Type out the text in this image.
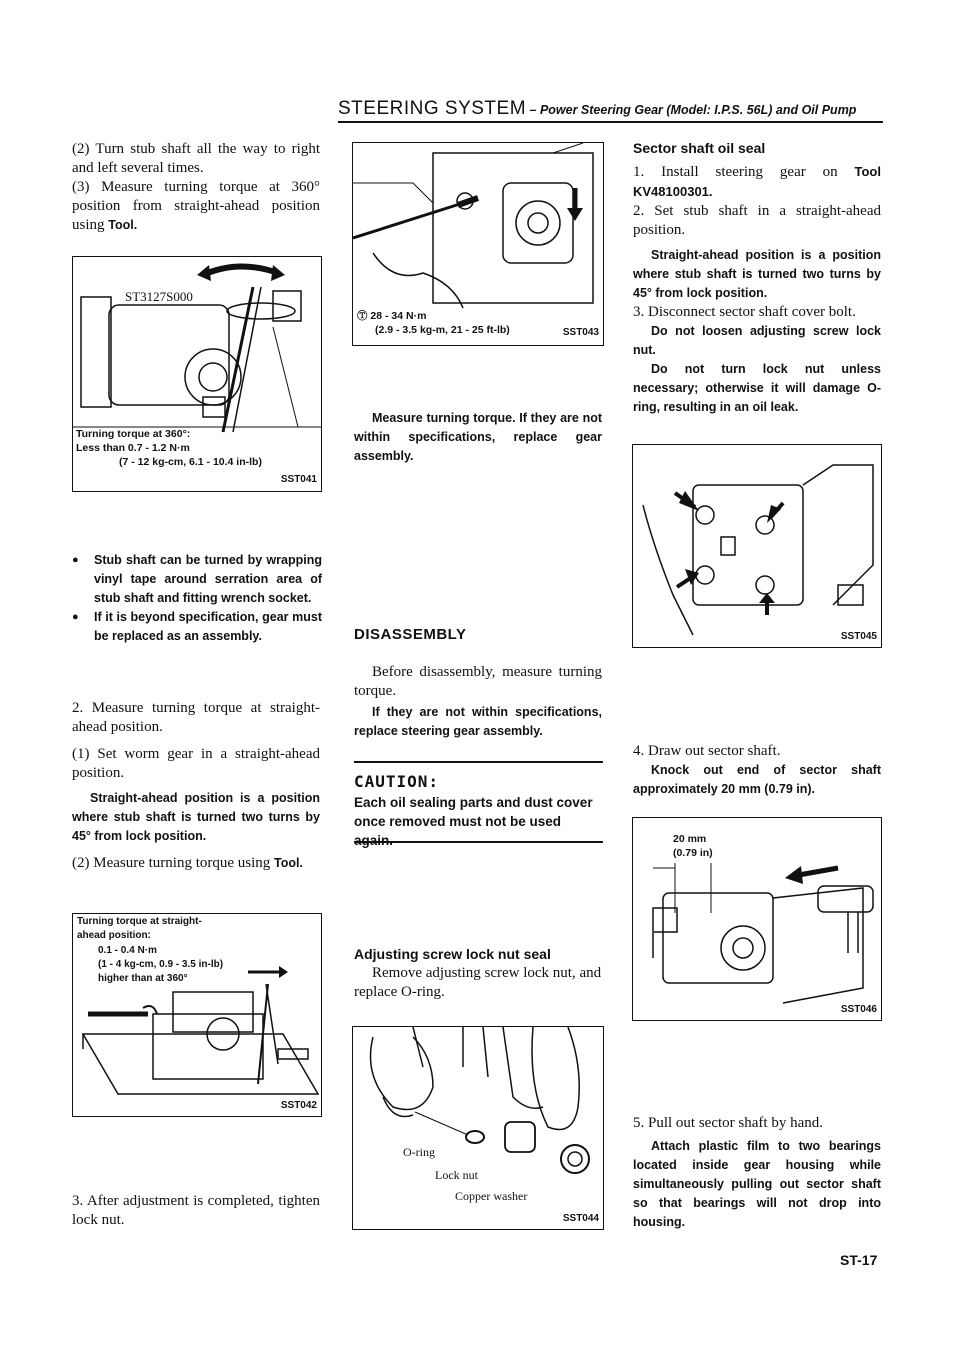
STEERING SYSTEM – Power Steering Gear (Model: I.P.S. 56L) and Oil Pump

(2) Turn stub shaft all the way to right and left several times.

(3) Measure turning torque at 360° position from straight-ahead position using Tool.

ST3127S000
Turning torque at 360°:
Less than 0.7 - 1.2 N·m
(7 - 12 kg-cm, 6.1 - 10.4 in-lb)
SST041

● Stub shaft can be turned by wrapping vinyl tape around serration area of stub shaft and fitting wrench socket.

● If it is beyond specification, gear must be replaced as an assembly.

2. Measure turning torque at straight-ahead position.

(1) Set worm gear in a straight-ahead position.

Straight-ahead position is a position where stub shaft is turned two turns by 45° from lock position.

(2) Measure turning torque using Tool.

Turning torque at straight-
ahead position:
0.1 - 0.4 N·m
(1 - 4 kg-cm, 0.9 - 3.5 in-lb)
higher than at 360°
SST042

3. After adjustment is completed, tighten lock nut.

Ⓣ 28 - 34 N·m
(2.9 - 3.5 kg-m, 21 - 25 ft-lb)	SST043

Measure turning torque. If they are not within specifications, replace gear assembly.

DISASSEMBLY

Before disassembly, measure turning torque.

If they are not within specifications, replace steering gear assembly.

CAUTION:

Each oil sealing parts and dust cover once removed must not be used

Adjusting screw lock nut seal

Remove adjusting screw lock nut, and replace O-ring.

O-ring
Lock nut
Copper washer
SST044

Sector shaft oil seal

1. Install steering gear on Tool KV48100301.

2. Set stub shaft in a straight-ahead position.

Straight-ahead position is a position where stub shaft is turned two turns by 45° from lock position.

3. Disconnect sector shaft cover bolt.

Do not loosen adjusting screw lock nut.

Do not turn lock nut unless necessary; otherwise it will damage O-ring, resulting in an oil leak.

SST045

4. Draw out sector shaft.

Knock out end of sector shaft approximately 20 mm (0.79 in).

20 mm
(0.79 in)
SST046

5. Pull out sector shaft by hand.

Attach plastic film to two bearings located inside gear housing while simultaneously pulling out sector shaft so that bearings will not drop into housing.

ST-17
